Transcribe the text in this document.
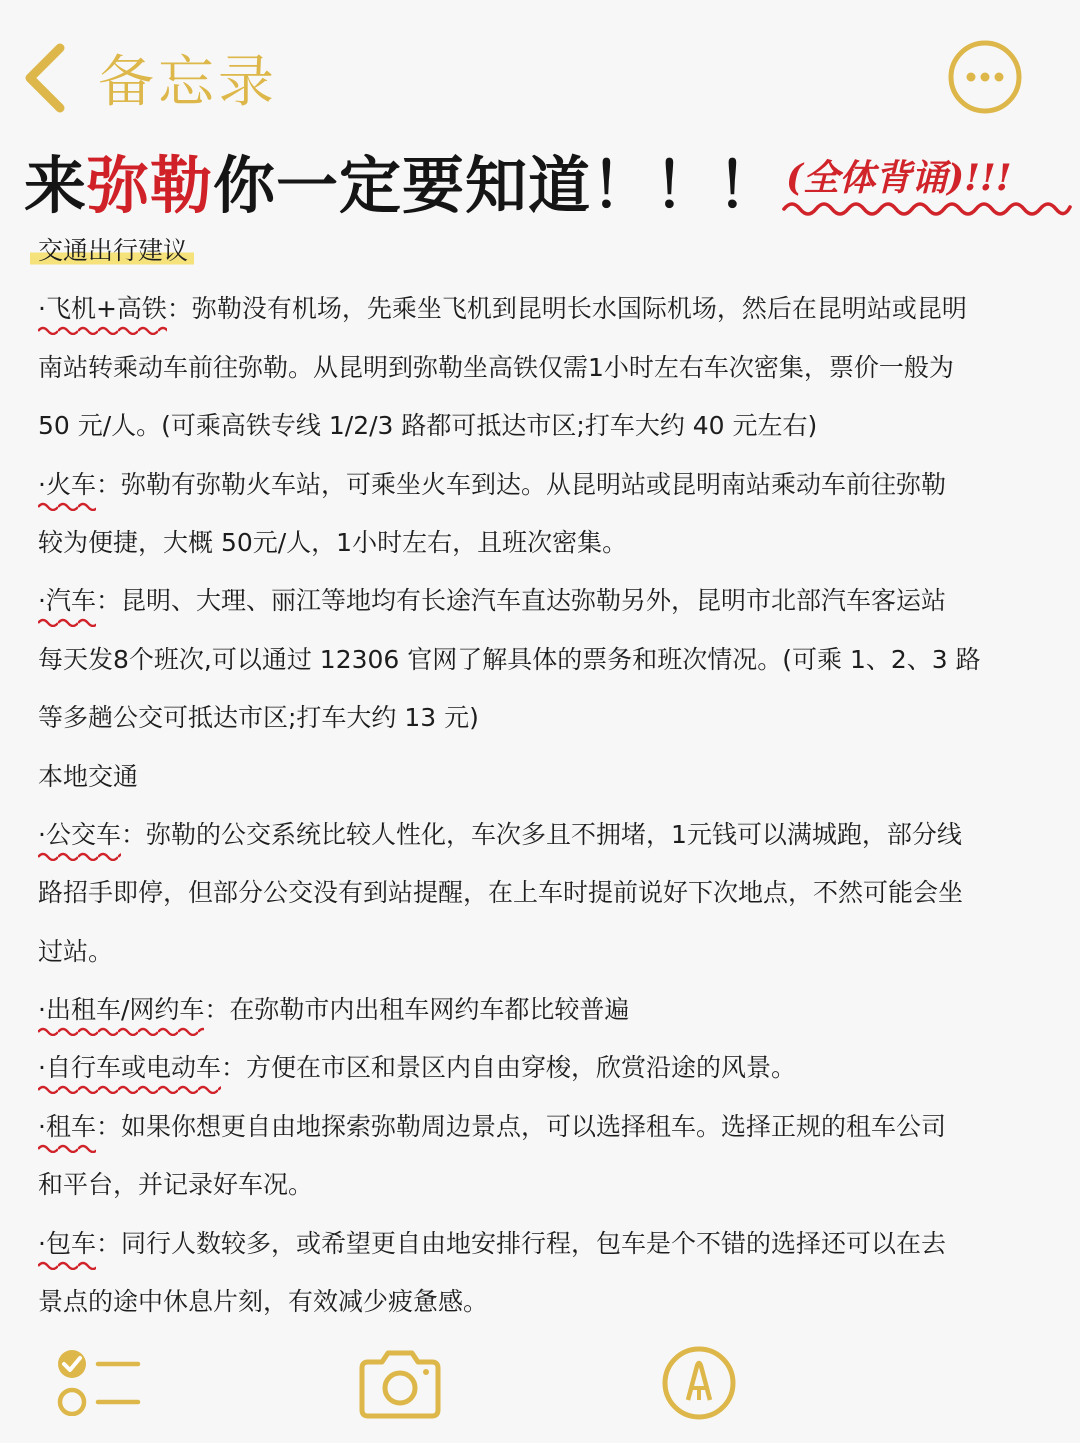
备忘录
来弥勒你一定要知道！！！ (全体背诵)!!!
交通出行建议
·飞机+高铁
：弥勒没有机场，先乘坐飞机到昆明长水国际机场，然后在昆明站或昆明
南站转乘动车前往弥勒。从昆明到弥勒坐高铁仅需1小时左右车次密集，票价一般为
50 元/人。(可乘高铁专线 1/2/3 路都可抵达市区;打车大约 40 元左右)
·火车
：弥勒有弥勒火车站，可乘坐火车到达。从昆明站或昆明南站乘动车前往弥勒
较为便捷，大概 50元/人，1小时左右，且班次密集。
·汽车
：昆明、大理、丽江等地均有长途汽车直达弥勒另外，昆明市北部汽车客运站
每天发8个班次,可以通过 12306 官网了解具体的票务和班次情况。(可乘 1、2、3 路
等多趟公交可抵达市区;打车大约 13 元)
本地交通
·公交车
：弥勒的公交系统比较人性化，车次多且不拥堵，1元钱可以满城跑，部分线
路招手即停，但部分公交没有到站提醒，在上车时提前说好下次地点，不然可能会坐
过站。
·出租车/网约车
：在弥勒市内出租车网约车都比较普遍
·自行车或电动车
：方便在市区和景区内自由穿梭，欣赏沿途的风景。
·租车
：如果你想更自由地探索弥勒周边景点，可以选择租车。选择正规的租车公司
和平台，并记录好车况。
·包车
：同行人数较多，或希望更自由地安排行程，包车是个不错的选择还可以在去
景点的途中休息片刻，有效减少疲惫感。
